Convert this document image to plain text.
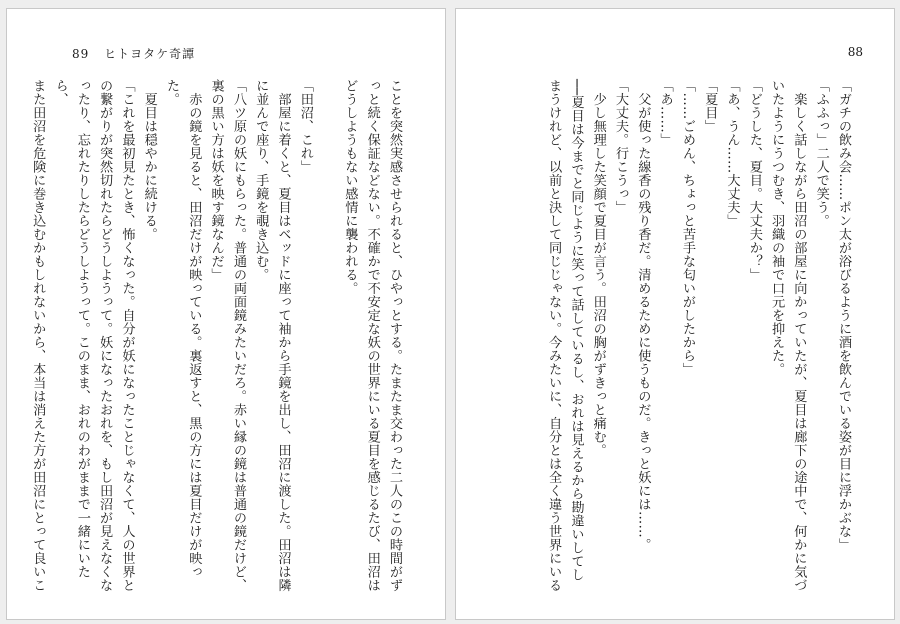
89 ヒトヨタケ奇譚

ことを突然実感させられると、ひやっとする。たまたま交わった二人のこの時間がず

っと続く保証などない。不確かで不安定な妖の世界にいる夏目を感じるたび、田沼は

どうしようもない感情に襲われる。

「田沼、これ」

　部屋に着くと、夏目はベッドに座って袖から手鏡を出し、田沼に渡した。田沼は隣

に並んで座り、手鏡を覗き込む。

「八ツ原の妖にもらった。普通の両面鏡みたいだろ。赤い縁の鏡は普通の鏡だけど、

裏の黒い方は妖を映す鏡なんだ」

　赤の鏡を見ると、田沼だけが映っている。裏返すと、黒の方には夏目だけが映った。

　夏目は穏やかに続ける。

「これを最初見たとき、怖くなった。自分が妖になったことじゃなくて、人の世界と

の繋がりが突然切れたらどうしようって。妖になったおれを、もし田沼が見えなくな

ったり、忘れたりしたらどうしようって。このまま、おれのわがままで一緒にいたら、

また田沼を危険に巻き込むかもしれないから、本当は消えた方が田沼にとって良いこ

88

「ガチの飲み会……ポン太が浴びるように酒を飲んでいる姿が目に浮かぶな」

「ふふっ」二人で笑う。

　楽しく話しながら田沼の部屋に向かっていたが、夏目は廊下の途中で、何かに気づ

いたようにうつむき、羽織の袖で口元を抑えた。

「どうした、夏目。大丈夫か？」

「あ、うん……大丈夫」

「夏目」

「……ごめん、ちょっと苦手な匂いがしたから」

「あ……」

　父が使った線香の残り香だ。清めるために使うものだ。きっと妖には……。

「大丈夫。行こうっ」

　少し無理した笑顔で夏目が言う。田沼の胸がずきっと痛む。

──夏目は今までと同じように笑って話しているし、おれは見えるから勘違いしてし

まうけれど、以前と決して同じじゃない。今みたいに、自分とは全く違う世界にいる
